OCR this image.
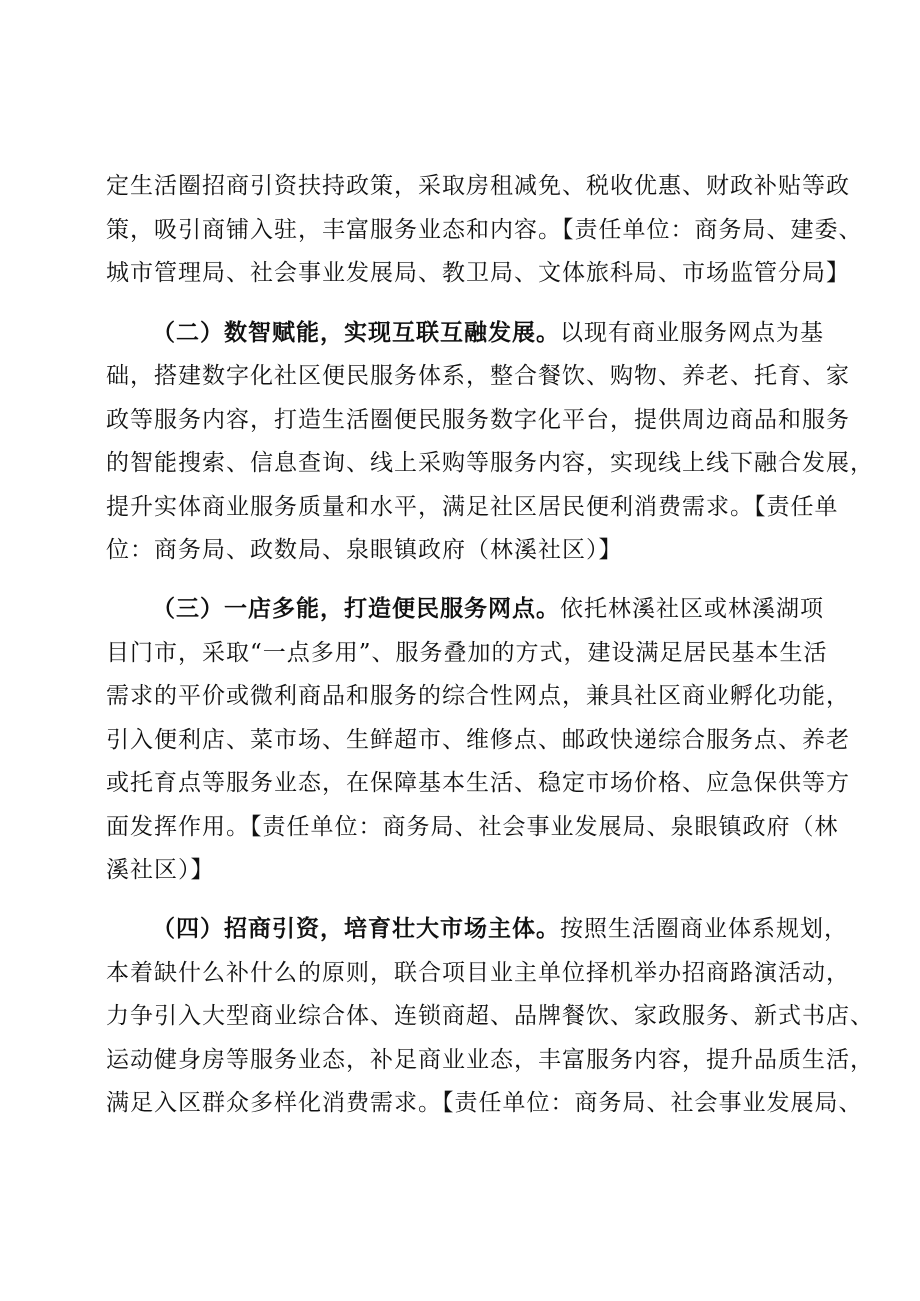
定生活圈招商引资扶持政策，采取房租减免、税收优惠、财政补贴等政
策，吸引商铺入驻，丰富服务业态和内容。【责任单位：商务局、建委、
城市管理局、社会事业发展局、教卫局、文体旅科局、市场监管分局】
（二）数智赋能，实现互联互融发展。以现有商业服务网点为基
础，搭建数字化社区便民服务体系，整合餐饮、购物、养老、托育、家
政等服务内容，打造生活圈便民服务数字化平台，提供周边商品和服务
的智能搜索、信息查询、线上采购等服务内容，实现线上线下融合发展，
提升实体商业服务质量和水平，满足社区居民便利消费需求。【责任单
位：商务局、政数局、泉眼镇政府（林溪社区）】
（三）一店多能，打造便民服务网点。依托林溪社区或林溪湖项
目门市，采取“一点多用”、服务叠加的方式，建设满足居民基本生活
需求的平价或微利商品和服务的综合性网点，兼具社区商业孵化功能，
引入便利店、菜市场、生鲜超市、维修点、邮政快递综合服务点、养老
或托育点等服务业态，在保障基本生活、稳定市场价格、应急保供等方
面发挥作用。【责任单位：商务局、社会事业发展局、泉眼镇政府（林
溪社区）】
（四）招商引资，培育壮大市场主体。按照生活圈商业体系规划，
本着缺什么补什么的原则，联合项目业主单位择机举办招商路演活动，
力争引入大型商业综合体、连锁商超、品牌餐饮、家政服务、新式书店、
运动健身房等服务业态，补足商业业态，丰富服务内容，提升品质生活，
满足入区群众多样化消费需求。【责任单位：商务局、社会事业发展局、
